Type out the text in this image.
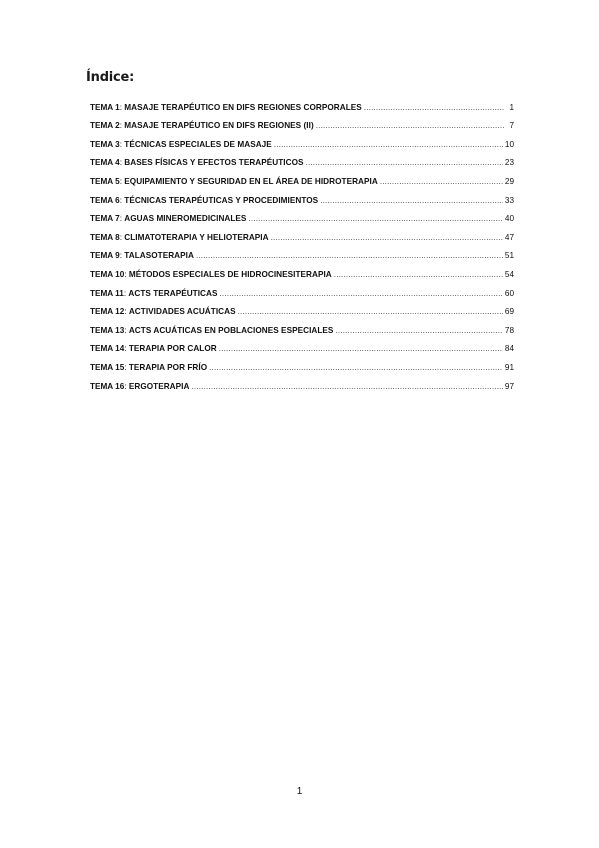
Índice:
TEMA 1: MASAJE TERAPÉUTICO EN DIFS REGIONES CORPORALES .....	1
TEMA 2: MASAJE TERAPÉUTICO EN DIFS REGIONES (II) .....	7
TEMA 3: TÉCNICAS ESPECIALES DE MASAJE .....	10
TEMA 4: BASES FÍSICAS Y EFECTOS TERAPÉUTICOS .....	23
TEMA 5: EQUIPAMIENTO Y SEGURIDAD EN EL ÁREA DE HIDROTERAPIA .....	29
TEMA 6: TÉCNICAS TERAPÉUTICAS Y PROCEDIMIENTOS .....	33
TEMA 7: AGUAS MINEROMEDICINALES .....	40
TEMA 8: CLIMATOTERAPIA Y HELIOTERAPIA .....	47
TEMA 9: TALASOTERAPIA .....	51
TEMA 10: MÉTODOS ESPECIALES DE HIDROCINESITERAPIA .....	54
TEMA 11: ACTS TERAPÉUTICAS .....	60
TEMA 12: ACTIVIDADES ACUÁTICAS .....	69
TEMA 13: ACTS ACUÁTICAS EN POBLACIONES ESPECIALES .....	78
TEMA 14: TERAPIA POR CALOR .....	84
TEMA 15: TERAPIA POR FRÍO .....	91
TEMA 16: ERGOTERAPIA .....	97
1
